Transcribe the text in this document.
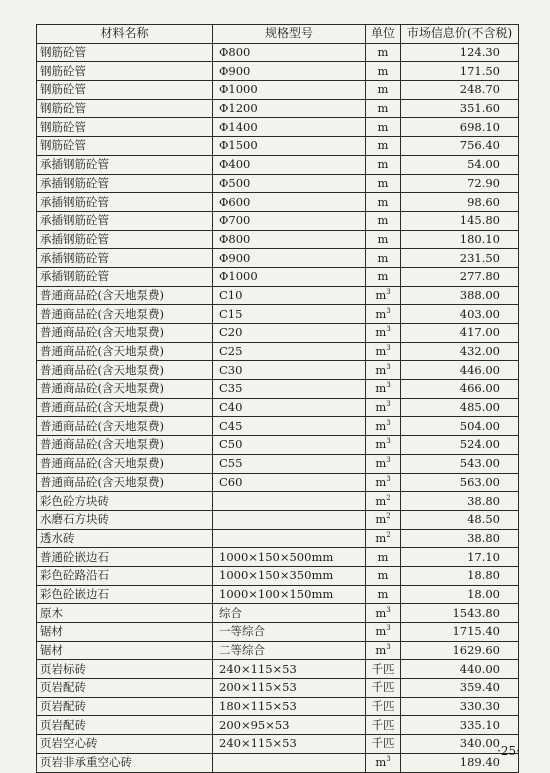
材料名称	规格型号	单位	市场信息价(不含税)
钢筋砼管	Φ800	m	124.30
钢筋砼管	Φ900	m	171.50
钢筋砼管	Φ1000	m	248.70
钢筋砼管	Φ1200	m	351.60
钢筋砼管	Φ1400	m	698.10
钢筋砼管	Φ1500	m	756.40
承插钢筋砼管	Φ400	m	54.00
承插钢筋砼管	Φ500	m	72.90
承插钢筋砼管	Φ600	m	98.60
承插钢筋砼管	Φ700	m	145.80
承插钢筋砼管	Φ800	m	180.10
承插钢筋砼管	Φ900	m	231.50
承插钢筋砼管	Φ1000	m	277.80
普通商品砼(含天地泵费)	C10	$m^3$	388.00
普通商品砼(含天地泵费)	C15	$m^3$	403.00
普通商品砼(含天地泵费)	C20	$m^3$	417.00
普通商品砼(含天地泵费)	C25	$m^3$	432.00
普通商品砼(含天地泵费)	C30	$m^3$	446.00
普通商品砼(含天地泵费)	C35	$m^3$	466.00
普通商品砼(含天地泵费)	C40	$m^3$	485.00
普通商品砼(含天地泵费)	C45	$m^3$	504.00
普通商品砼(含天地泵费)	C50	$m^3$	524.00
普通商品砼(含天地泵费)	C55	$m^3$	543.00
普通商品砼(含天地泵费)	C60	$m^3$	563.00
彩色砼方块砖		$m^2$	38.80
水磨石方块砖		$m^2$	48.50
透水砖		$m^2$	38.80
普通砼嵌边石	1000×150×500mm	m	17.10
彩色砼路沿石	1000×150×350mm	m	18.80
彩色砼嵌边石	1000×100×150mm	m	18.00
原木	综合	$m^3$	1543.80
锯材	一等综合	$m^3$	1715.40
锯材	二等综合	$m^3$	1629.60
页岩标砖	240×115×53	千匹	440.00
页岩配砖	200×115×53	千匹	359.40
页岩配砖	180×115×53	千匹	330.30
页岩配砖	200×95×53	千匹	335.10
页岩空心砖	240×115×53	千匹	340.00
页岩非承重空心砖		$m^3$	189.40
·25·
